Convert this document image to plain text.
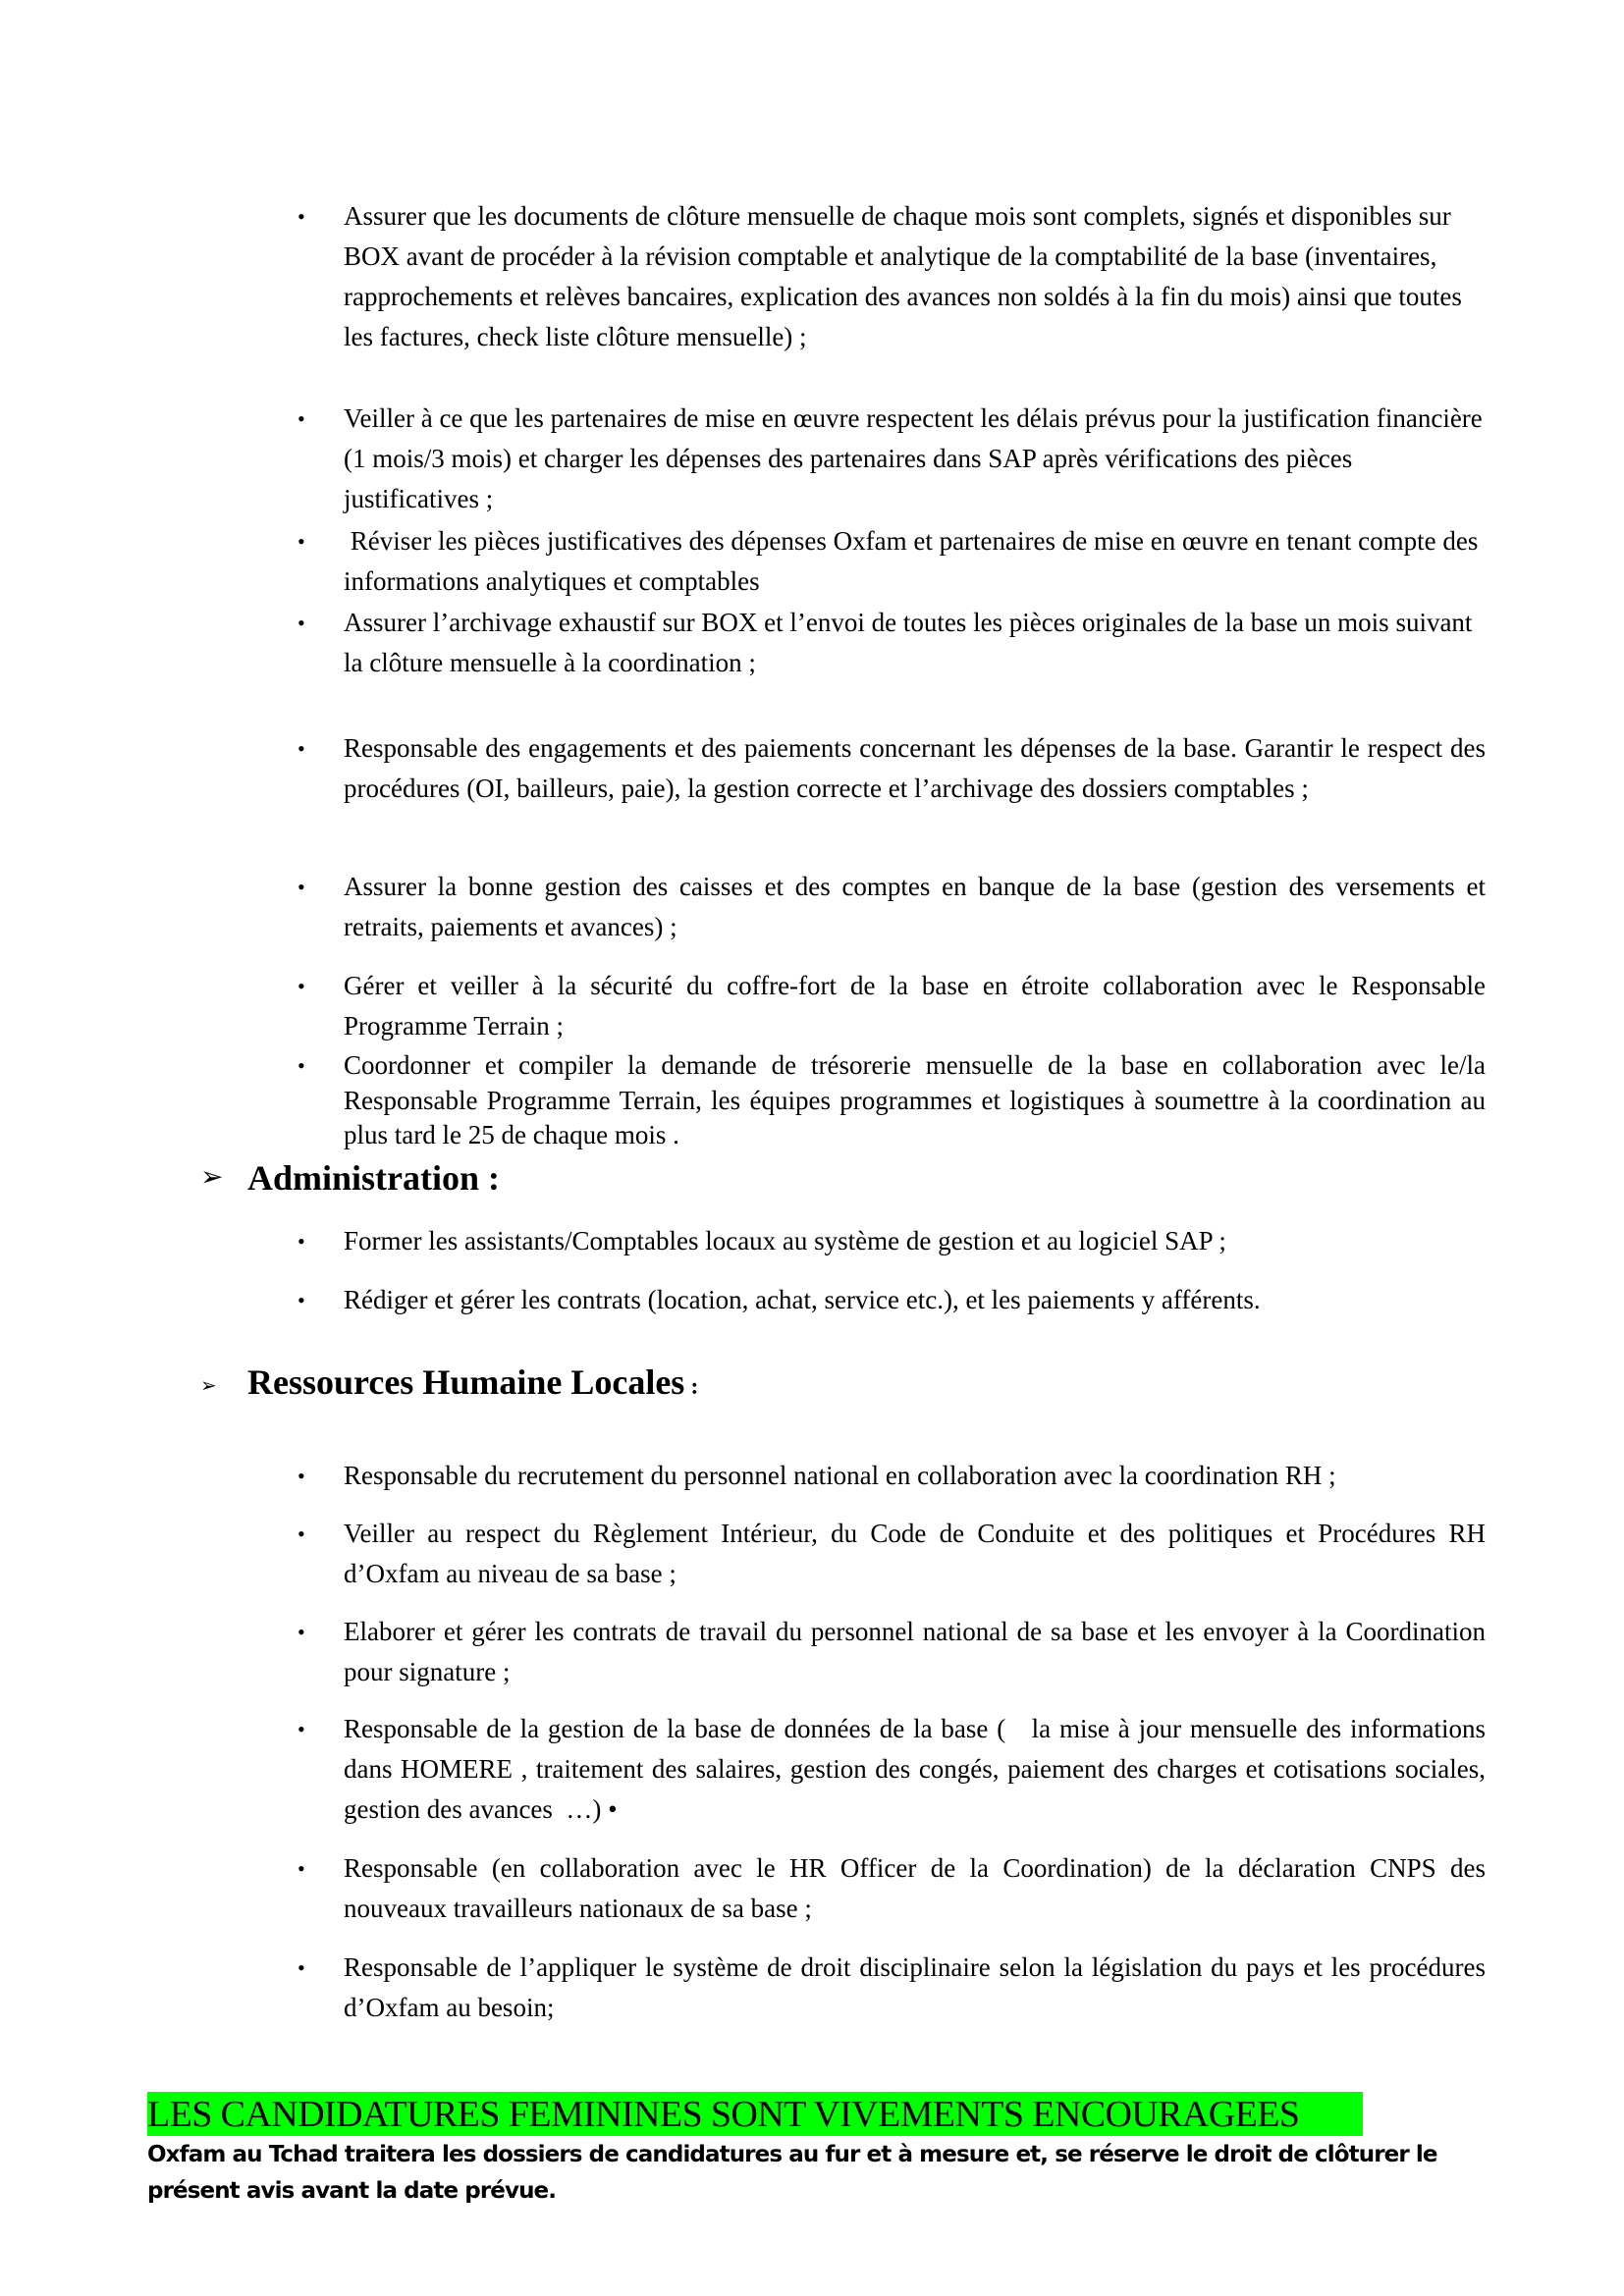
• Assurer que les documents de clôture mensuelle de chaque mois sont complets, signés et disponibles sur BOX avant de procéder à la révision comptable et analytique de la comptabilité de la base (inventaires, rapprochements et relèves bancaires, explication des avances non soldés à la fin du mois) ainsi que toutes les factures, check liste clôture mensuelle) ;
• Veiller à ce que les partenaires de mise en œuvre respectent les délais prévus pour la justification financière (1 mois/3 mois) et charger les dépenses des partenaires dans SAP après vérifications des pièces justificatives ;
• Réviser les pièces justificatives des dépenses Oxfam et partenaires de mise en œuvre en tenant compte des informations analytiques et comptables
• Assurer l’archivage exhaustif sur BOX et l’envoi de toutes les pièces originales de la base un mois suivant la clôture mensuelle à la coordination ;
• Responsable des engagements et des paiements concernant les dépenses de la base. Garantir le respect des procédures (OI, bailleurs, paie), la gestion correcte et l’archivage des dossiers comptables ;
• Assurer la bonne gestion des caisses et des comptes en banque de la base (gestion des versements et retraits, paiements et avances) ;
• Gérer et veiller à la sécurité du coffre-fort de la base en étroite collaboration avec le Responsable Programme Terrain ;
• Coordonner et compiler la demande de trésorerie mensuelle de la base en collaboration avec le/la Responsable Programme Terrain, les équipes programmes et logistiques à soumettre à la coordination au plus tard le 25 de chaque mois .
➢ Administration :
• Former les assistants/Comptables locaux au système de gestion et au logiciel SAP ;
• Rédiger et gérer les contrats (location, achat, service etc.), et les paiements y afférents.
➢ Ressources Humaine Locales :
• Responsable du recrutement du personnel national en collaboration avec la coordination RH ;
• Veiller au respect du Règlement Intérieur, du Code de Conduite et des politiques et Procédures RH d’Oxfam au niveau de sa base ;
• Elaborer et gérer les contrats de travail du personnel national de sa base et les envoyer à la Coordination pour signature ;
• Responsable de la gestion de la base de données de la base (   la mise à jour mensuelle des informations dans HOMERE , traitement des salaires, gestion des congés, paiement des charges et cotisations sociales, gestion des avances  …) •
• Responsable (en collaboration avec le HR Officer de la Coordination) de la déclaration CNPS des nouveaux travailleurs nationaux de sa base ;
• Responsable de l’appliquer le système de droit disciplinaire selon la législation du pays et les procédures d’Oxfam au besoin;
LES CANDIDATURES FEMININES SONT VIVEMENTS ENCOURAGEES
Oxfam au Tchad traitera les dossiers de candidatures au fur et à mesure et, se réserve le droit de clôturer le présent avis avant la date prévue.
